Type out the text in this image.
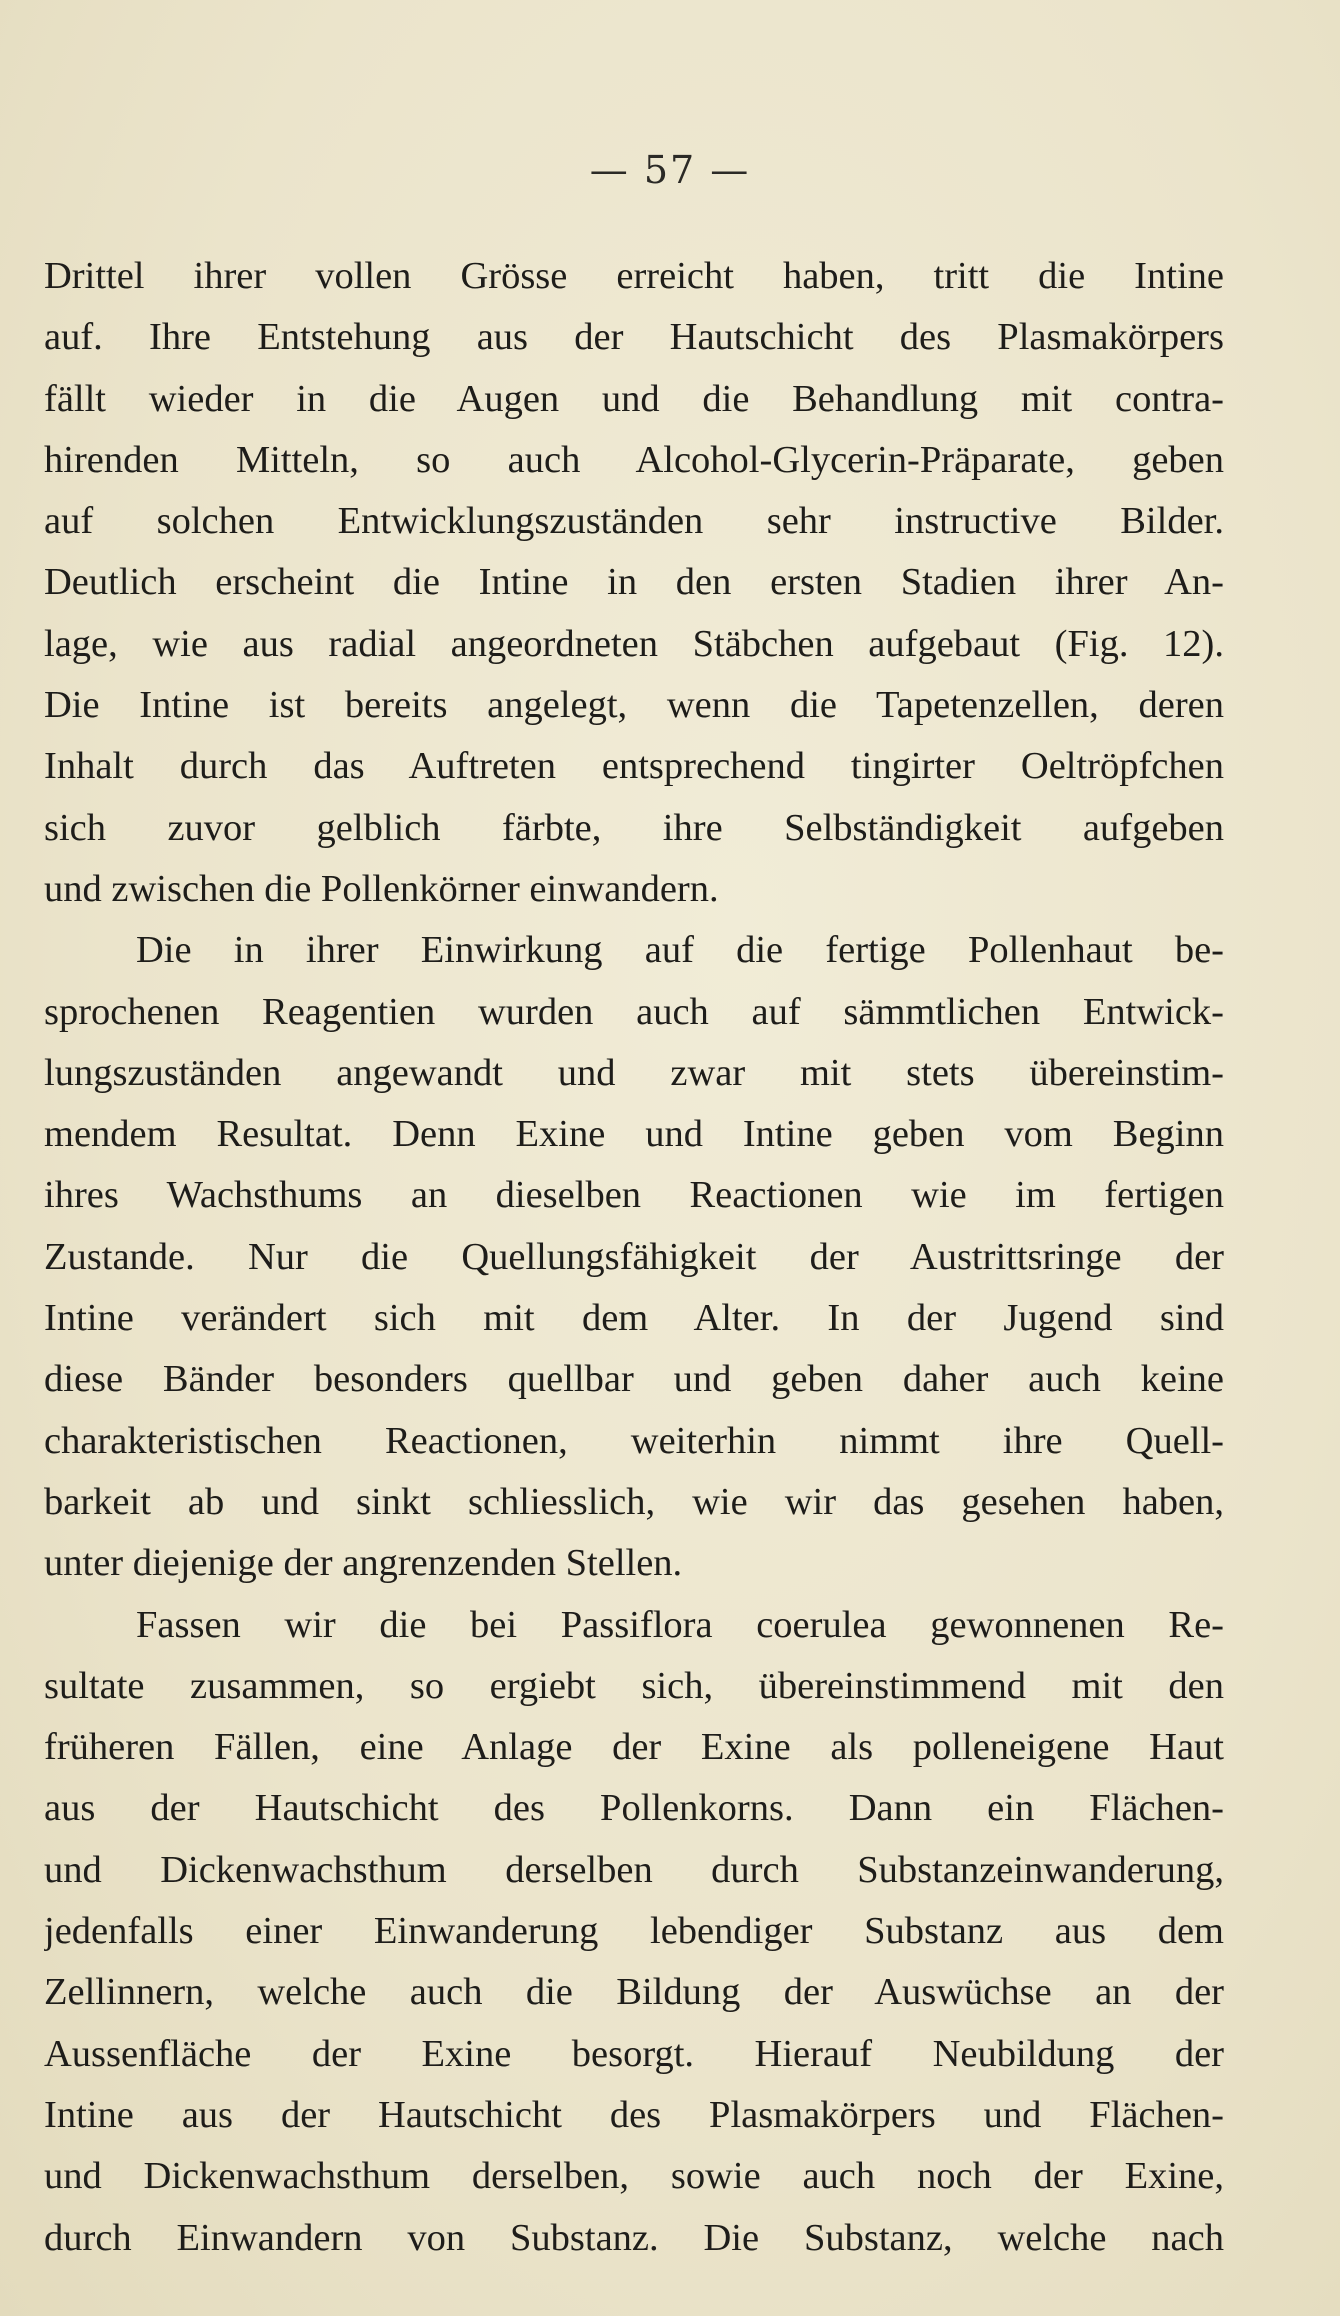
— 57 —
Drittel ihrer vollen Grösse erreicht haben, tritt die Intine
auf. Ihre Entstehung aus der Hautschicht des Plasmakörpers
fällt wieder in die Augen und die Behandlung mit contra-
hirenden Mitteln, so auch Alcohol-Glycerin-Präparate, geben
auf solchen Entwicklungszuständen sehr instructive Bilder.
Deutlich erscheint die Intine in den ersten Stadien ihrer An-
lage, wie aus radial angeordneten Stäbchen aufgebaut (Fig. 12).
Die Intine ist bereits angelegt, wenn die Tapetenzellen, deren
Inhalt durch das Auftreten entsprechend tingirter Oeltröpfchen
sich zuvor gelblich färbte, ihre Selbständigkeit aufgeben
und zwischen die Pollenkörner einwandern.
Die in ihrer Einwirkung auf die fertige Pollenhaut be-
sprochenen Reagentien wurden auch auf sämmtlichen Entwick-
lungszuständen angewandt und zwar mit stets übereinstim-
mendem Resultat. Denn Exine und Intine geben vom Beginn
ihres Wachsthums an dieselben Reactionen wie im fertigen
Zustande. Nur die Quellungsfähigkeit der Austrittsringe der
Intine verändert sich mit dem Alter. In der Jugend sind
diese Bänder besonders quellbar und geben daher auch keine
charakteristischen Reactionen, weiterhin nimmt ihre Quell-
barkeit ab und sinkt schliesslich, wie wir das gesehen haben,
unter diejenige der angrenzenden Stellen.
Fassen wir die bei Passiflora coerulea gewonnenen Re-
sultate zusammen, so ergiebt sich, übereinstimmend mit den
früheren Fällen, eine Anlage der Exine als polleneigene Haut
aus der Hautschicht des Pollenkorns. Dann ein Flächen-
und Dickenwachsthum derselben durch Substanzeinwanderung,
jedenfalls einer Einwanderung lebendiger Substanz aus dem
Zellinnern, welche auch die Bildung der Auswüchse an der
Aussenfläche der Exine besorgt. Hierauf Neubildung der
Intine aus der Hautschicht des Plasmakörpers und Flächen-
und Dickenwachsthum derselben, sowie auch noch der Exine,
durch Einwandern von Substanz. Die Substanz, welche nach
